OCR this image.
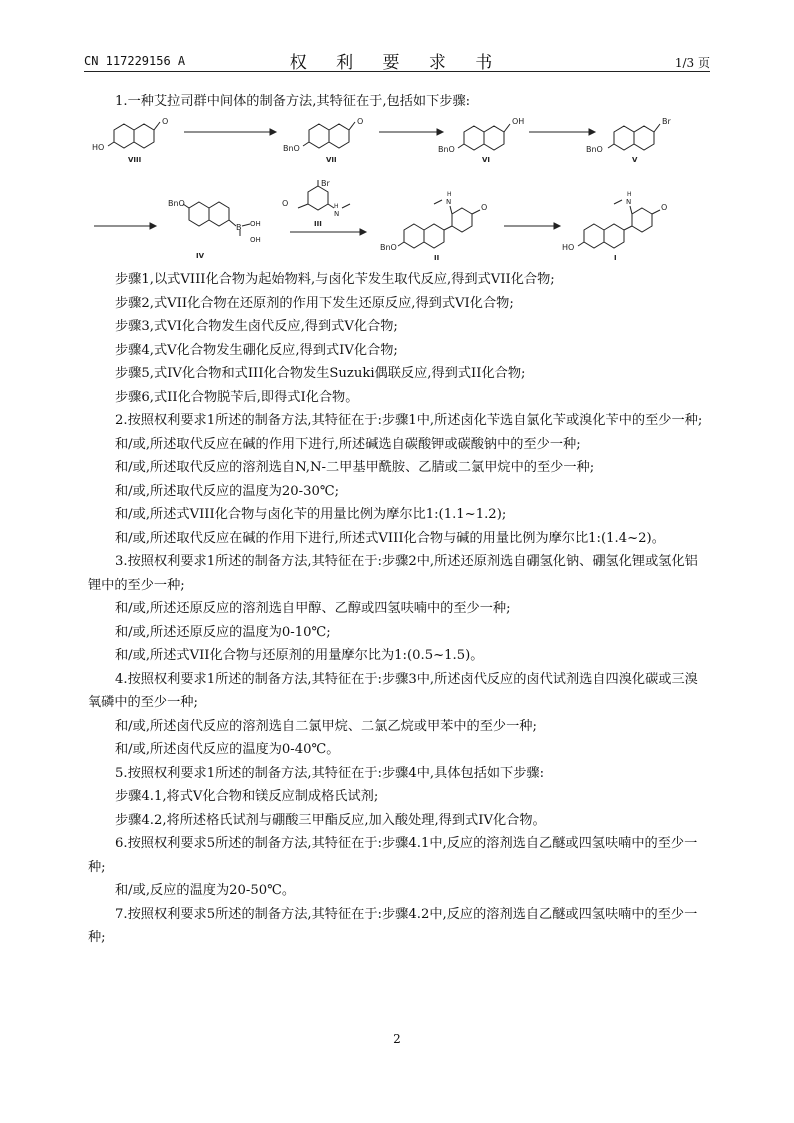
CN 117229156 A	权 利 要 求 书	1/3 页
1.一种艾拉司群中间体的制备方法,其特征在于,包括如下步骤:
O
HO
VIII
O
BnO
VII
OH
BnO
VI
Br
BnO
V
BnO
B OH
OH
IV
Br
O
N
H
III
N
H
O
BnO
II
N
H
O
HO
I

步骤1,以式VIII化合物为起始物料,与卤化苄发生取代反应,得到式VII化合物;

步骤2,式VII化合物在还原剂的作用下发生还原反应,得到式VI化合物;

步骤3,式VI化合物发生卤代反应,得到式V化合物;

步骤4,式V化合物发生硼化反应,得到式IV化合物;

步骤5,式IV化合物和式III化合物发生Suzuki偶联反应,得到式II化合物;

步骤6,式II化合物脱苄后,即得式I化合物。

2.按照权利要求1所述的制备方法,其特征在于:步骤1中,所述卤化苄选自氯化苄或溴化苄中的至少一种;

和/或,所述取代反应在碱的作用下进行,所述碱选自碳酸钾或碳酸钠中的至少一种;

和/或,所述取代反应的溶剂选自N,N-二甲基甲酰胺、乙腈或二氯甲烷中的至少一种;

和/或,所述取代反应的温度为20-30℃;

和/或,所述式VIII化合物与卤化苄的用量比例为摩尔比1:(1.1~1.2);

和/或,所述取代反应在碱的作用下进行,所述式VIII化合物与碱的用量比例为摩尔比1:(1.4~2)。

3.按照权利要求1所述的制备方法,其特征在于:步骤2中,所述还原剂选自硼氢化钠、硼氢化锂或氢化铝锂中的至少一种;

和/或,所述还原反应的溶剂选自甲醇、乙醇或四氢呋喃中的至少一种;

和/或,所述还原反应的温度为0-10℃;

和/或,所述式VII化合物与还原剂的用量摩尔比为1:(0.5~1.5)。

4.按照权利要求1所述的制备方法,其特征在于:步骤3中,所述卤代反应的卤代试剂选自四溴化碳或三溴氧磷中的至少一种;

和/或,所述卤代反应的溶剂选自二氯甲烷、二氯乙烷或甲苯中的至少一种;

和/或,所述卤代反应的温度为0-40℃。

5.按照权利要求1所述的制备方法,其特征在于:步骤4中,具体包括如下步骤:

步骤4.1,将式V化合物和镁反应制成格氏试剂;

步骤4.2,将所述格氏试剂与硼酸三甲酯反应,加入酸处理,得到式IV化合物。

6.按照权利要求5所述的制备方法,其特征在于:步骤4.1中,反应的溶剂选自乙醚或四氢呋喃中的至少一种;

和/或,反应的温度为20-50℃。

7.按照权利要求5所述的制备方法,其特征在于:步骤4.2中,反应的溶剂选自乙醚或四氢呋喃中的至少一种;

2
